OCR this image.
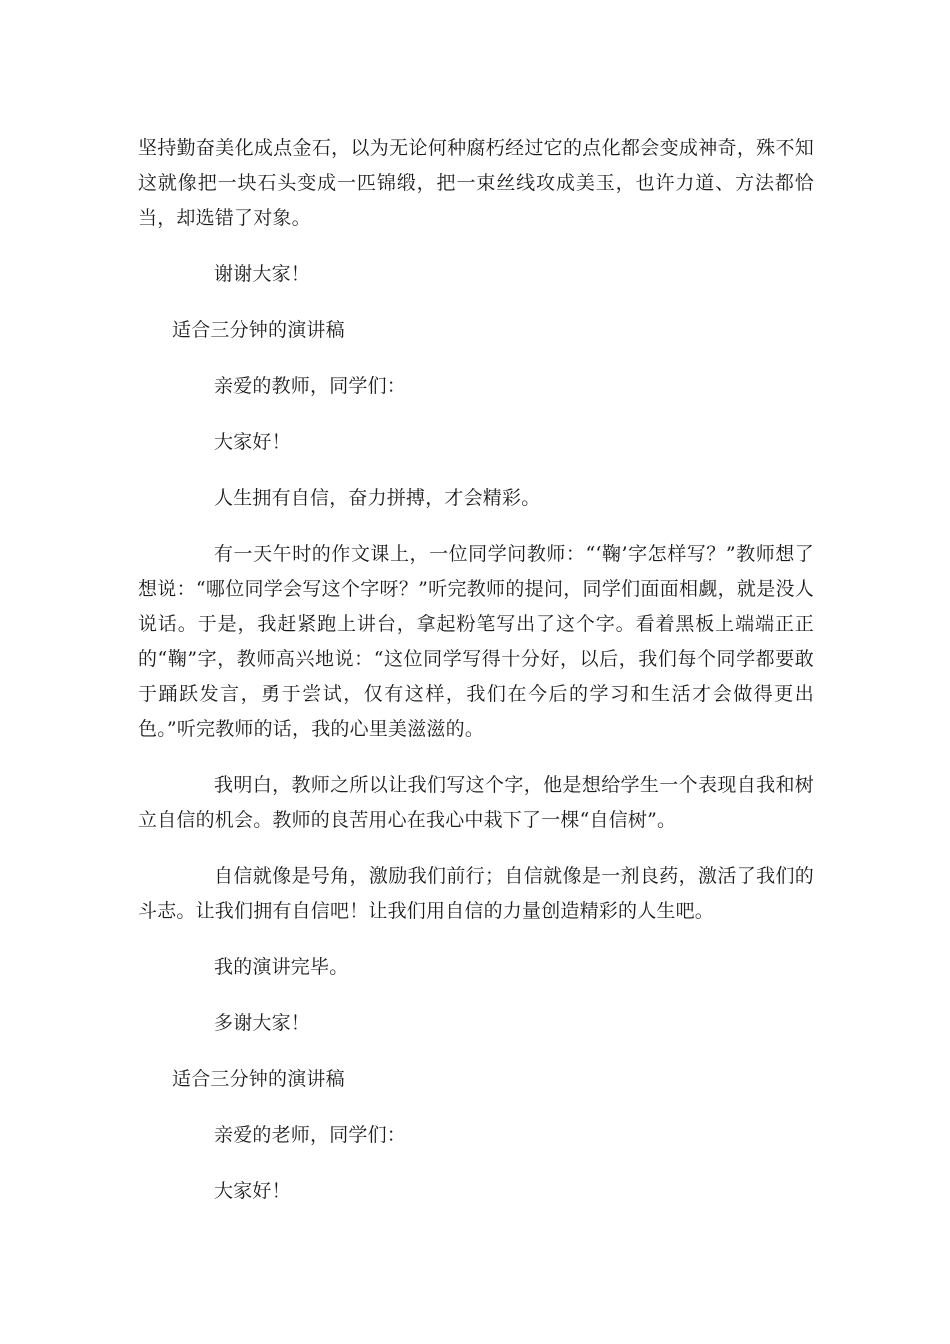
坚持勤奋美化成点金石，以为无论何种腐朽经过它的点化都会变成神奇，殊不知这就像把一块石头变成一匹锦缎，把一束丝线攻成美玉，也许力道、方法都恰当，却选错了对象。

谢谢大家！

适合三分钟的演讲稿

亲爱的教师，同学们：

大家好！

人生拥有自信，奋力拼搏，才会精彩。

有一天午时的作文课上，一位同学问教师：“‘鞠’字怎样写？”教师想了想说：“哪位同学会写这个字呀？”听完教师的提问，同学们面面相觑，就是没人说话。于是，我赶紧跑上讲台，拿起粉笔写出了这个字。看着黑板上端端正正的“鞠”字，教师高兴地说：“这位同学写得十分好，以后，我们每个同学都要敢于踊跃发言，勇于尝试，仅有这样，我们在今后的学习和生活才会做得更出色。”听完教师的话，我的心里美滋滋的。

我明白，教师之所以让我们写这个字，他是想给学生一个表现自我和树立自信的机会。教师的良苦用心在我心中栽下了一棵“自信树”。

自信就像是号角，激励我们前行；自信就像是一剂良药，激活了我们的斗志。让我们拥有自信吧！让我们用自信的力量创造精彩的人生吧。

我的演讲完毕。

多谢大家！

适合三分钟的演讲稿

亲爱的老师，同学们：

大家好！
